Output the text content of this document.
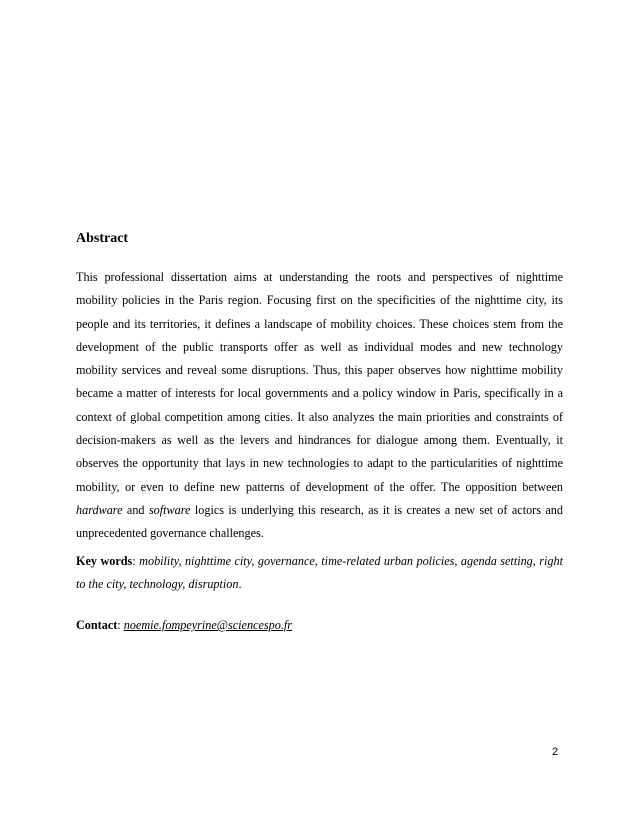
Abstract

This professional dissertation aims at understanding the roots and perspectives of nighttime mobility policies in the Paris region. Focusing first on the specificities of the nighttime city, its people and its territories, it defines a landscape of mobility choices. These choices stem from the development of the public transports offer as well as individual modes and new technology mobility services and reveal some disruptions. Thus, this paper observes how nighttime mobility became a matter of interests for local governments and a policy window in Paris, specifically in a context of global competition among cities. It also analyzes the main priorities and constraints of decision-makers as well as the levers and hindrances for dialogue among them. Eventually, it observes the opportunity that lays in new technologies to adapt to the particularities of nighttime mobility, or even to define new patterns of development of the offer. The opposition between hardware and software logics is underlying this research, as it is creates a new set of actors and unprecedented governance challenges.

Key words: mobility, nighttime city, governance, time-related urban policies, agenda setting, right to the city, technology, disruption.

Contact: noemie.fompeyrine@sciencespo.fr

2
